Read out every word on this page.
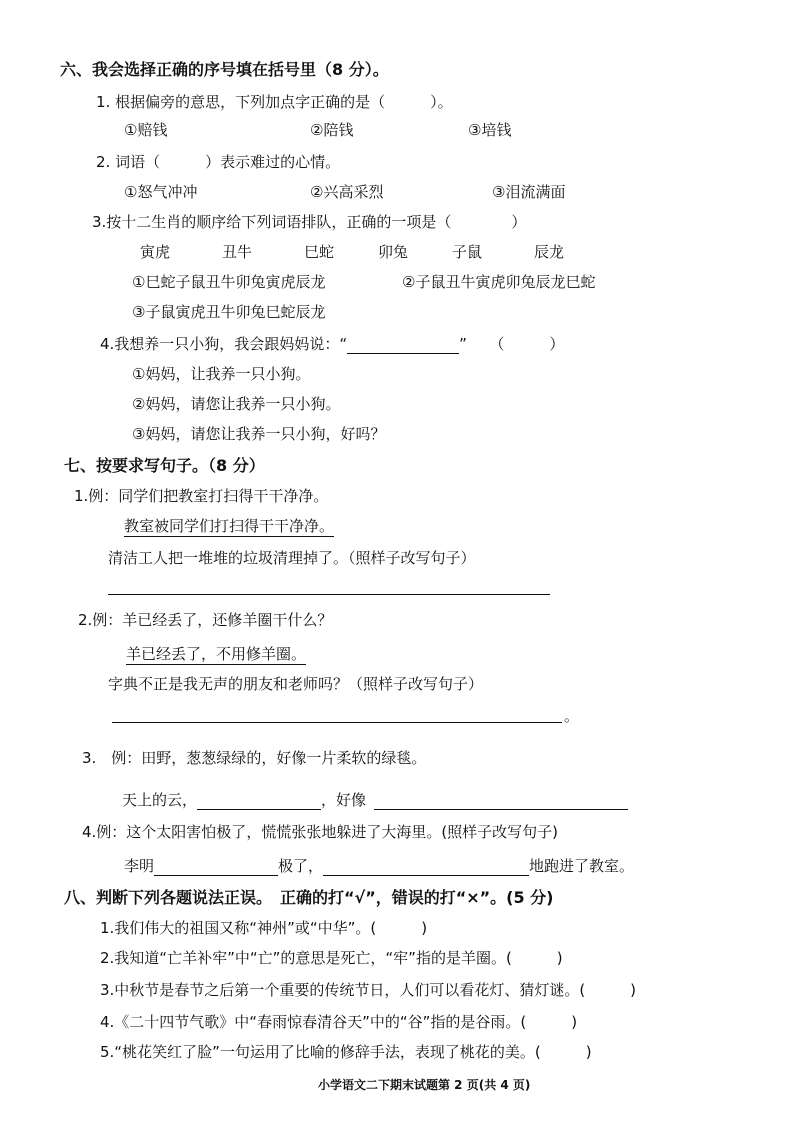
六、我会选择正确的序号填在括号里（8 分）。
1. 根据偏旁的意思，下列加点字正确的是（　　　）。
①赔钱	②陪钱	③培钱
2. 词语（　　　）表示难过的心情。
①怒气冲冲	②兴高采烈	③泪流满面
3.按十二生肖的顺序给下列词语排队，正确的一项是（　　　　）
寅虎	丑牛	巳蛇	卯兔	子鼠	辰龙
①巳蛇子鼠丑牛卯兔寅虎辰龙	②子鼠丑牛寅虎卯兔辰龙巳蛇
③子鼠寅虎丑牛卯兔巳蛇辰龙
4.我想养一只小狗，我会跟妈妈说：“	”　　（　　　）
①妈妈，让我养一只小狗。
②妈妈，请您让我养一只小狗。
③妈妈，请您让我养一只小狗，好吗？
七、按要求写句子。（8 分）
1.例：同学们把教室打扫得干干净净。
教室被同学们打扫得干干净净。
清洁工人把一堆堆的垃圾清理掉了。（照样子改写句子）
2.例：羊已经丢了，还修羊圈干什么？
羊已经丢了，不用修羊圈。
字典不正是我无声的朋友和老师吗？（照样子改写句子）
。
3.　例：田野，葱葱绿绿的，好像一片柔软的绿毯。
天上的云，	，好像
4.例：这个太阳害怕极了，慌慌张张地躲进了大海里。(照样子改写句子)
李明	极了，	地跑进了教室。
八、判断下列各题说法正误。　正确的打“√”，错误的打“×”。(5 分)
1.我们伟大的祖国又称“神州”或“中华”。(　　　)
2.我知道“亡羊补牢”中“亡”的意思是死亡，“牢”指的是羊圈。(　　　)
3.中秋节是春节之后第一个重要的传统节日，人们可以看花灯、猜灯谜。(　　　)
4.《二十四节气歌》中“春雨惊春清谷天”中的“谷”指的是谷雨。(　　　)
5.“桃花笑红了脸”一句运用了比喻的修辞手法，表现了桃花的美。(　　　)
小学语文二下期末试题第 2 页(共 4 页)
